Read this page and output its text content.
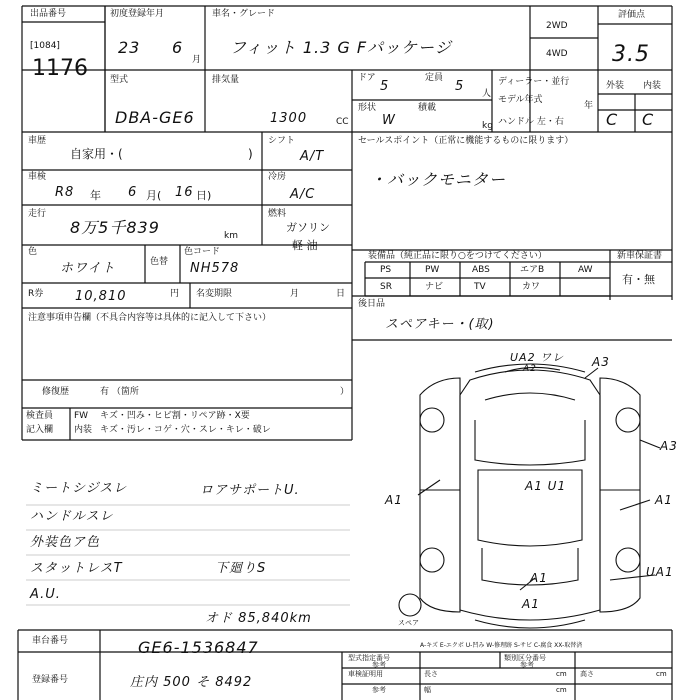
出品番号
[1084]
1176
初度登録年月
23 6
月
車名・グレード
フィット 1.3 G Fパッケージ
2WD
4WD
評価点
3.5
型式
DBA-GE6
排気量
1300	CC
ドア
5
定員
5 人
形状
W
積載
kg
ディーラー・並行
モデル年式
年
ハンドル 左・右
外装 内装
C C
車歴
自家用・(	)
シフト
A/T
車検
R8 年 6 月( 16 日)
冷房
A/C
走行
8万5千839	km
燃料
ガソリン
軽 油
色
ホワイト	色替
色コード
NH578
R券 10,810	円 名変期限	月	日
注意事項申告欄（不具合内容等は具体的に記入して下さい）
修復歴	有 （箇所	）
セールスポイント（正常に機能するものに限ります）
・バックモニター
装備品（純正品に限り○をつけてください）
PS	PW	ABS	エアB	AW
SR	ナビ	TV	カワ
新車保証書
有・無
後日品
スペアキー・(取)
検査員
記入欄
FW キズ・凹み・ヒビ割・リペア跡・X要
内装 キズ・汚レ・コゲ・穴・スレ・キレ・破レ
ミートシジスレ
ハンドルスレ
外装色ア色
スタットレスT
A.U.
ロアサポートU.
下廻りS
オド 85,840km
UA2 ワレ
A2	A3
A3
A1
A1 U1
A1
A1
A1
UA1
スペア
A-キズ E-エクボ U-凹み W-修理跡 S-サビ C-腐食 XX-取替済
車台番号	GE6-1536847
登録番号	庄内 500 そ 8492
型式指定番号
参考
類別区分番号
参考
車検証明用
参考
長さ	cm
幅	cm
高さ	cm
